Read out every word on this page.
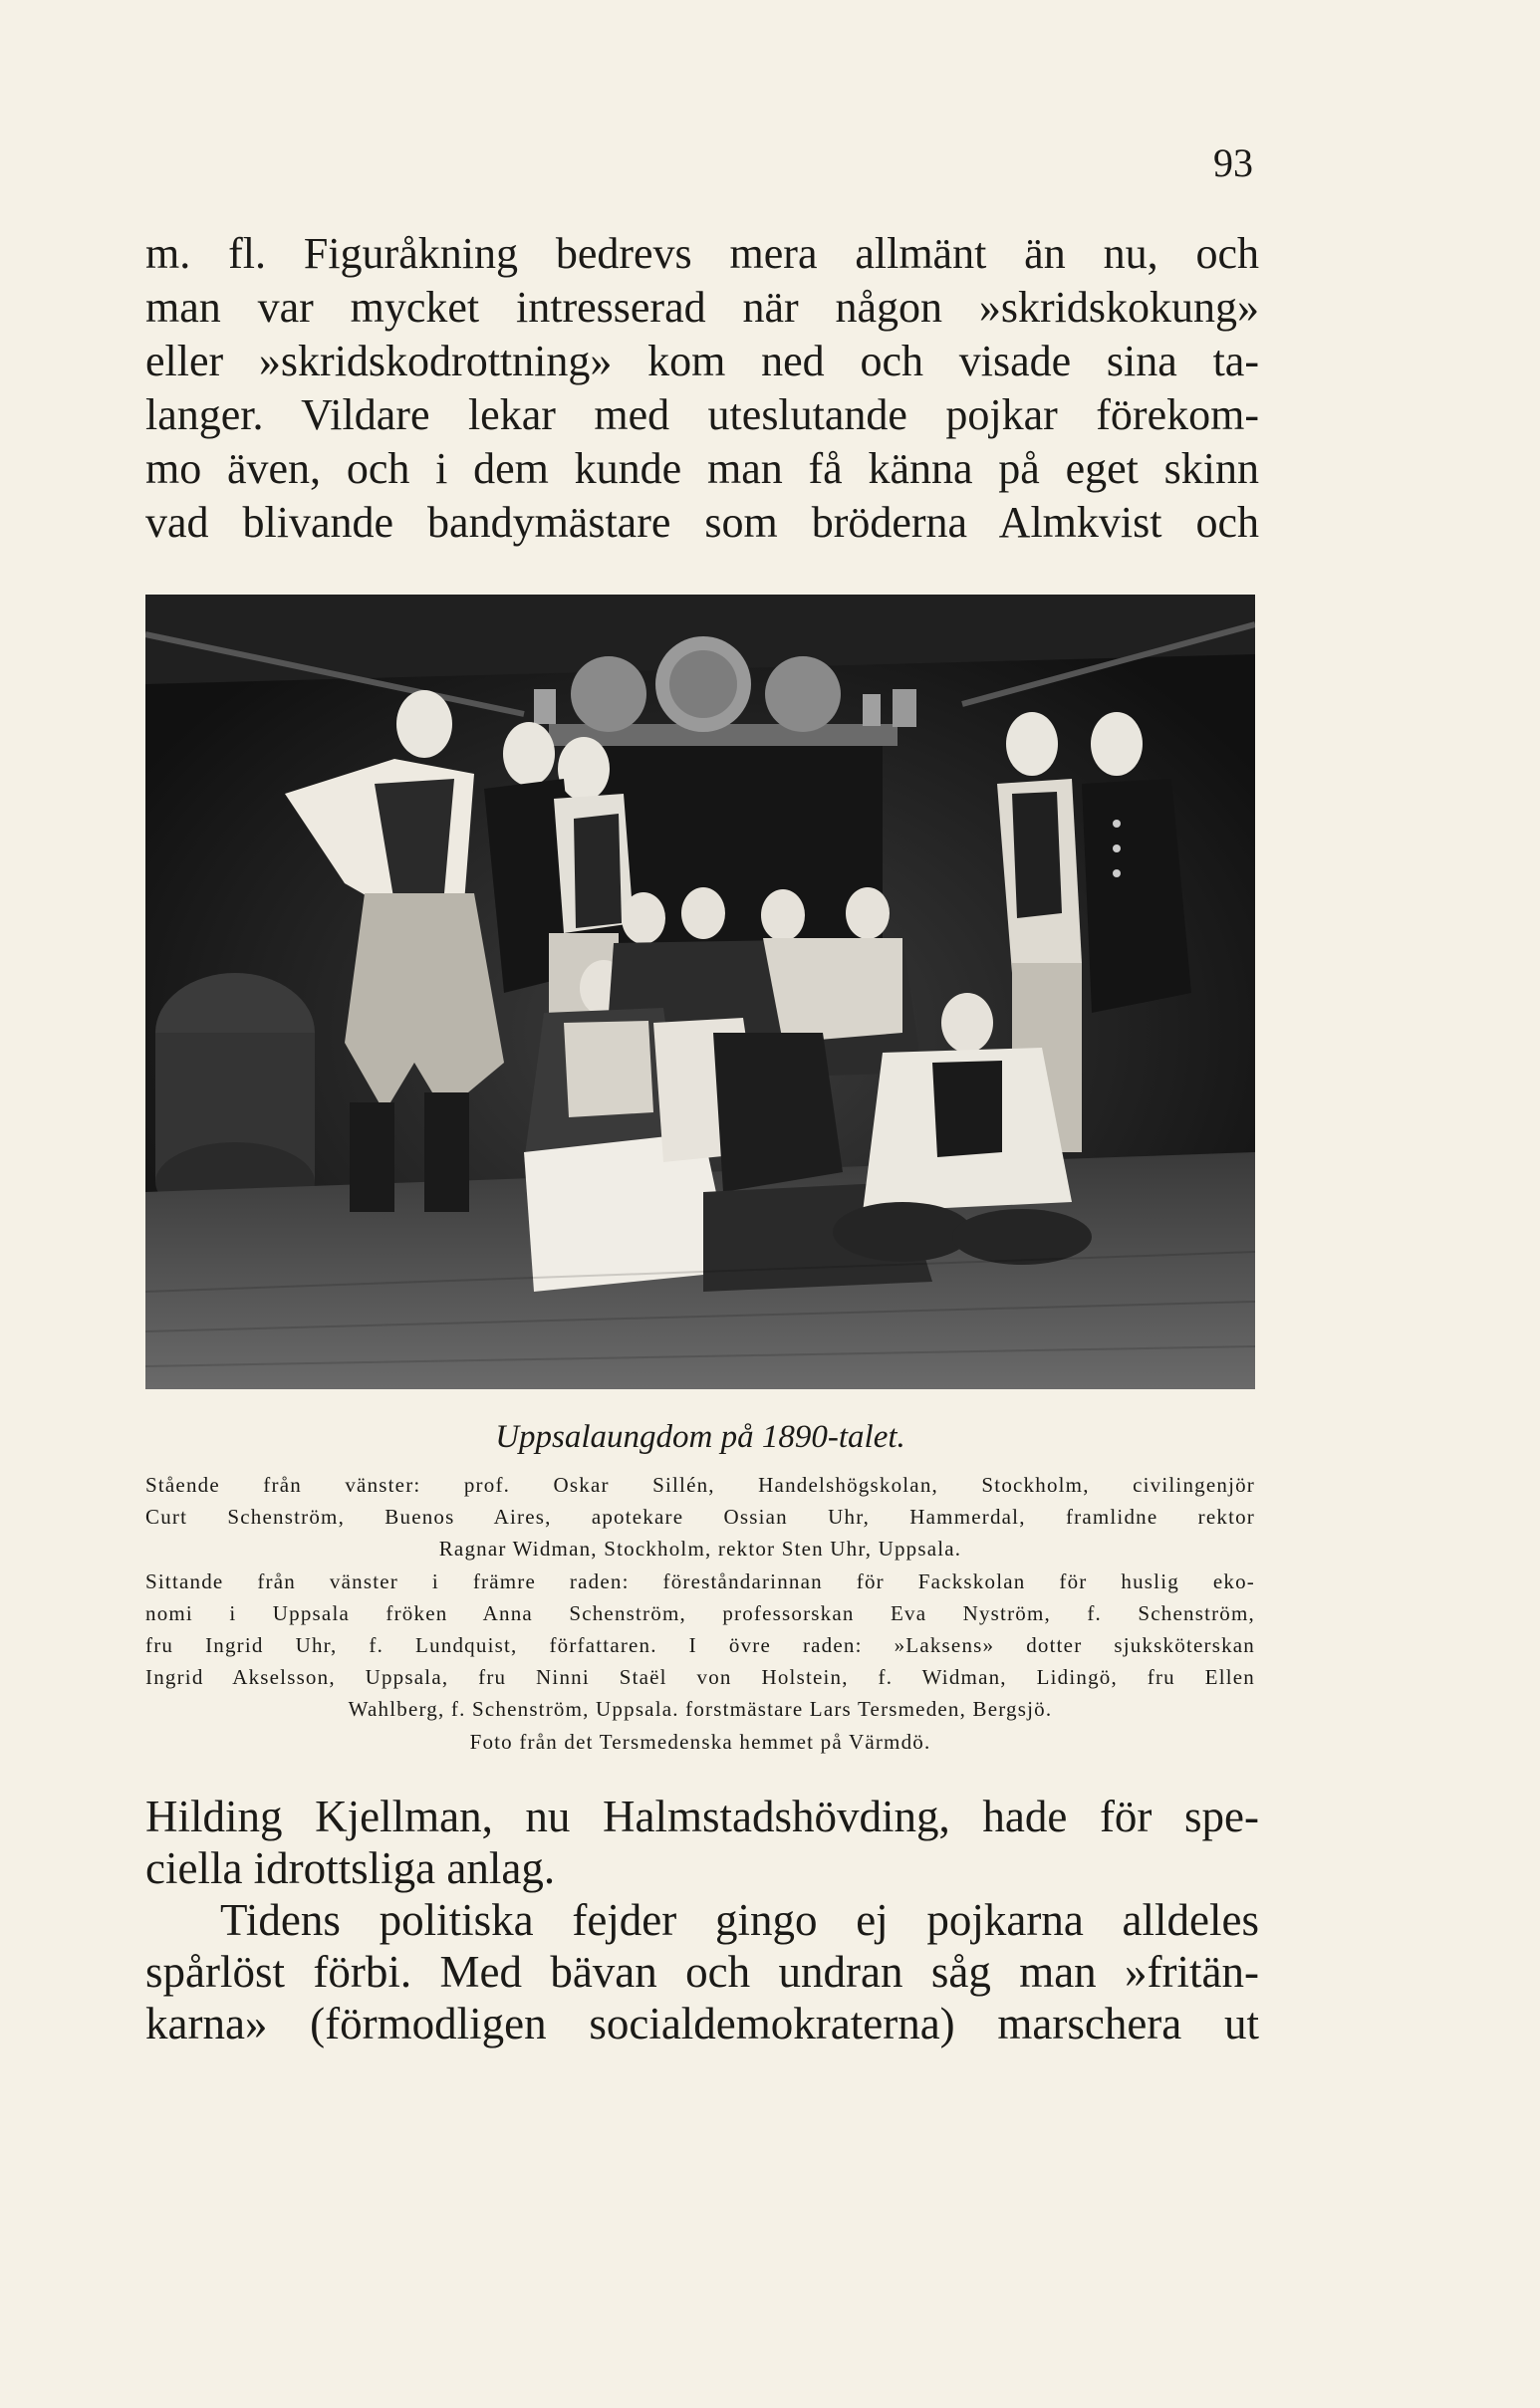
93
m. fl. Figuråkning bedrevs mera allmänt än nu, och
man var mycket intresserad när någon »skridskokung»
eller »skridskodrottning» kom ned och visade sina ta-
langer. Vildare lekar med uteslutande pojkar förekom-
mo även, och i dem kunde man få känna på eget skinn
vad blivande bandymästare som bröderna Almkvist och
Uppsalaungdom på 1890-talet.
Stående från vänster: prof. Oskar Sillén, Handelshögskolan, Stockholm, civilingenjör
Curt Schenström, Buenos Aires, apotekare Ossian Uhr, Hammerdal, framlidne rektor
Ragnar Widman, Stockholm, rektor Sten Uhr, Uppsala.
Sittande från vänster i främre raden: föreståndarinnan för Fackskolan för huslig eko-
nomi i Uppsala fröken Anna Schenström, professorskan Eva Nyström, f. Schenström,
fru Ingrid Uhr, f. Lundquist, författaren. I övre raden: »Laksens» dotter sjuksköterskan
Ingrid Akselsson, Uppsala, fru Ninni Staël von Holstein, f. Widman, Lidingö, fru Ellen
Wahlberg, f. Schenström, Uppsala. forstmästare Lars Tersmeden, Bergsjö.
Foto från det Tersmedenska hemmet på Värmdö.
Hilding Kjellman, nu Halmstadshövding, hade för spe-
ciella idrottsliga anlag.
Tidens politiska fejder gingo ej pojkarna alldeles
spårlöst förbi. Med bävan och undran såg man »fritän-
karna» (förmodligen socialdemokraterna) marschera ut
